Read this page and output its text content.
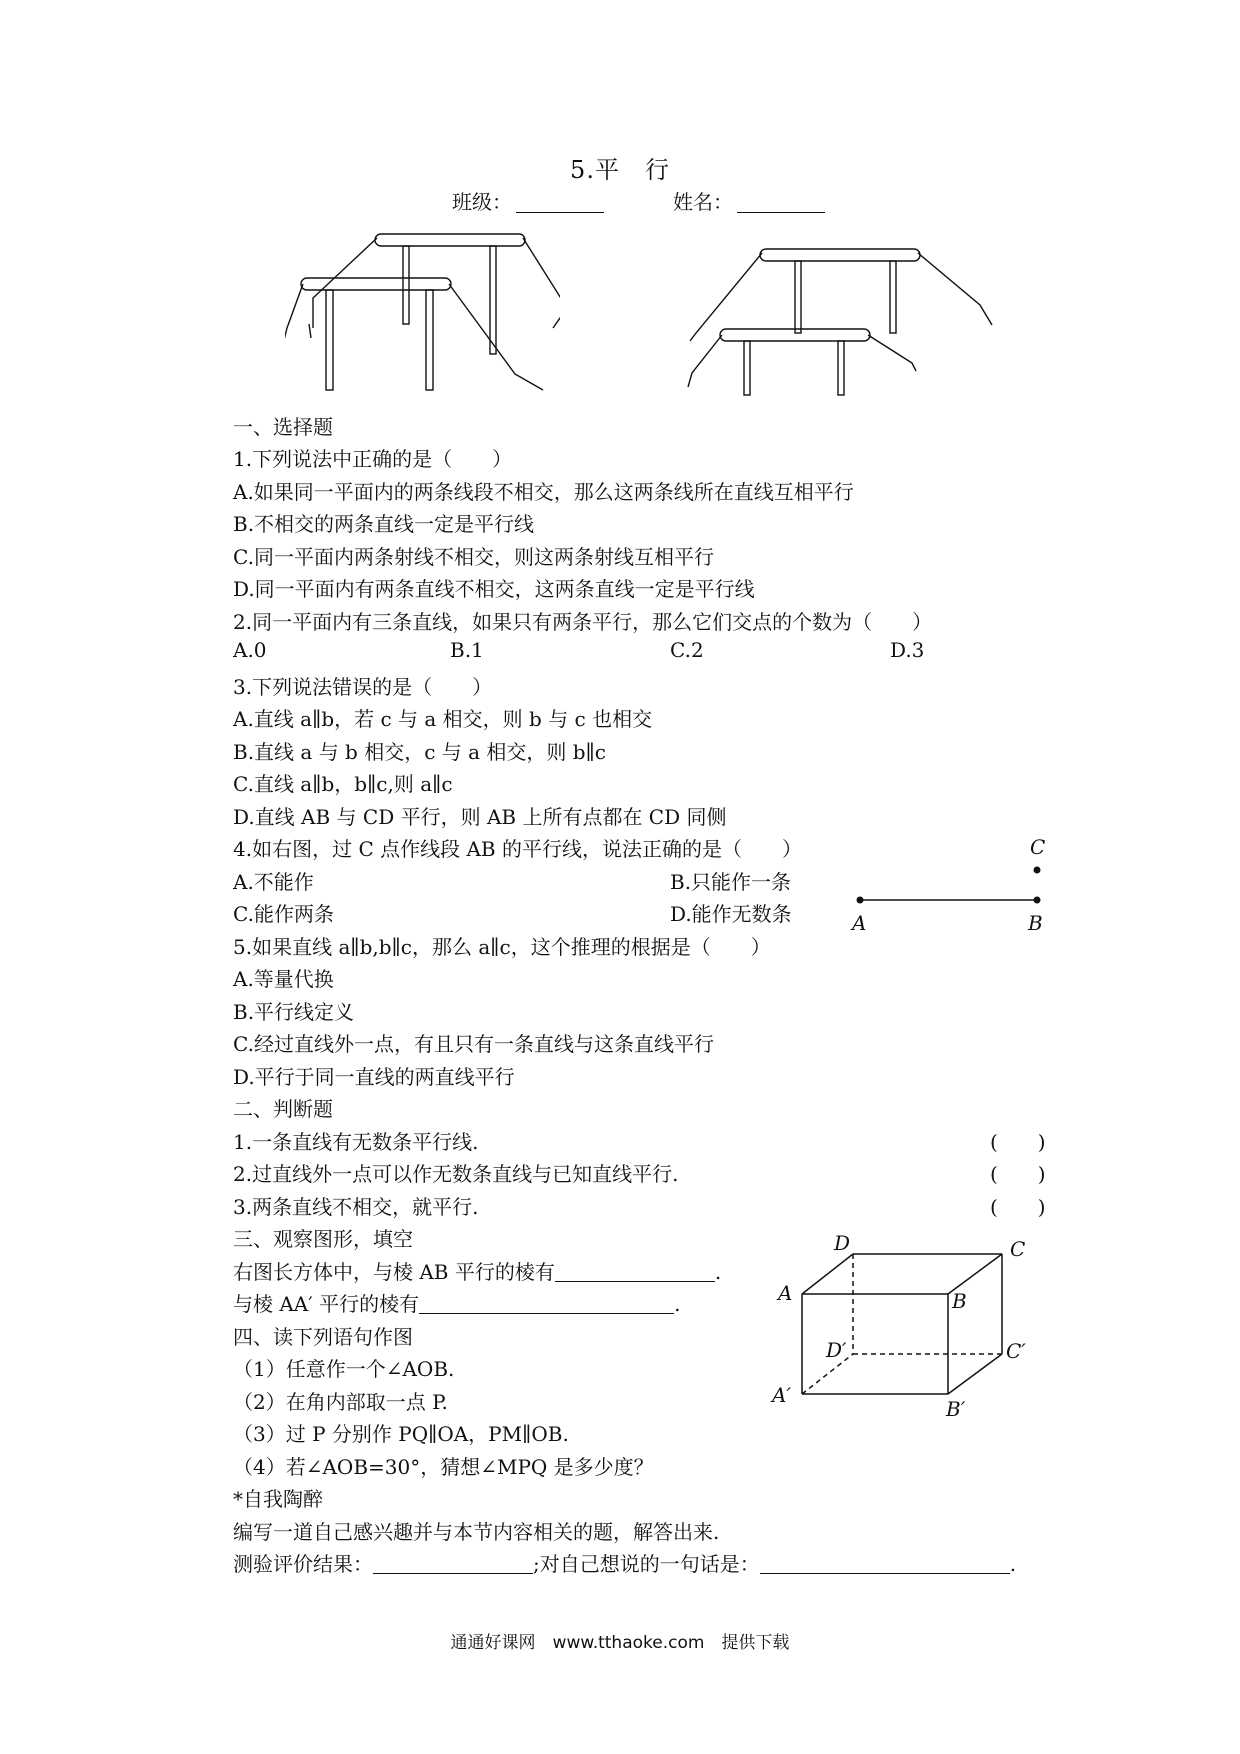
5.平　行
班级：	姓名：
一、选择题
1.下列说法中正确的是（　　）
A.如果同一平面内的两条线段不相交，那么这两条线所在直线互相平行
B.不相交的两条直线一定是平行线
C.同一平面内两条射线不相交，则这两条射线互相平行
D.同一平面内有两条直线不相交，这两条直线一定是平行线
2.同一平面内有三条直线，如果只有两条平行，那么它们交点的个数为（　　）
A.0	B.1	C.2	D.3
3.下列说法错误的是（　　）
A.直线 a∥b，若 c 与 a 相交，则 b 与 c 也相交
B.直线 a 与 b 相交，c 与 a 相交，则 b∥c
C.直线 a∥b，b∥c,则 a∥c
D.直线 AB 与 CD 平行，则 AB 上所有点都在 CD 同侧
4.如右图，过 C 点作线段 AB 的平行线，说法正确的是（　　）
A.不能作	B.只能作一条
C.能作两条	D.能作无数条	A	B
C
5.如果直线 a∥b,b∥c，那么 a∥c，这个推理的根据是（　　）
A.等量代换
B.平行线定义
C.经过直线外一点，有且只有一条直线与这条直线平行
D.平行于同一直线的两直线平行
二、判断题
1.一条直线有无数条平行线.	(　　)
2.过直线外一点可以作无数条直线与已知直线平行.	(　　)
3.两条直线不相交，就平行.	(　　)
三、观察图形，填空
右图长方体中，与棱 AB 平行的棱有	.
与棱 AA′ 平行的棱有	.
D	C
A	B
D′	C′
A′
B′
四、读下列语句作图
（1）任意作一个∠AOB.
（2）在角内部取一点 P.
（3）过 P 分别作 PQ∥OA，PM∥OB.
（4）若∠AOB=30°，猜想∠MPQ 是多少度？
*自我陶醉
编写一道自己感兴趣并与本节内容相关的题，解答出来.
测验评价结果：	;对自己想说的一句话是：	.
通通好课网　www.tthaoke.com　提供下载
